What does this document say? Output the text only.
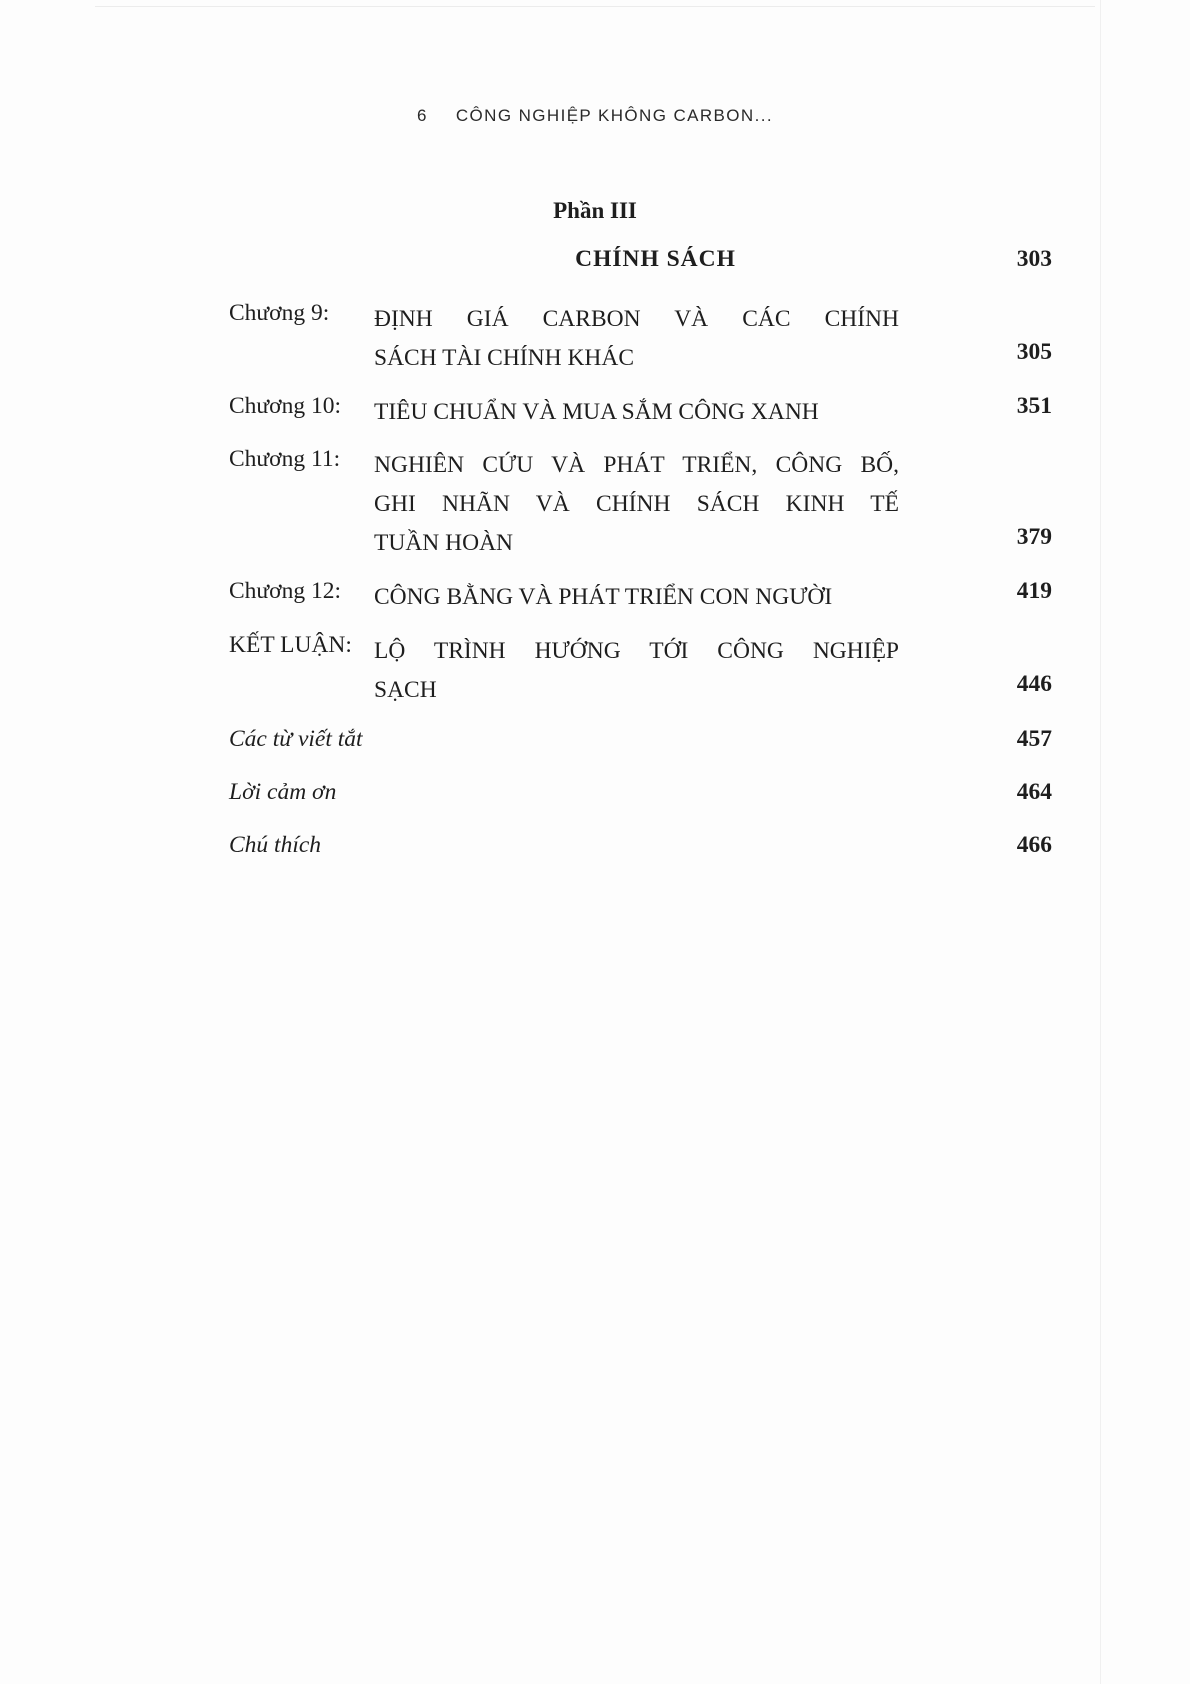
6 CÔNG NGHIỆP KHÔNG CARBON...
Phần III
CHÍNH SÁCH	303
Chương 9: ĐỊNH GIÁ CARBON VÀ CÁC CHÍNH
SÁCH TÀI CHÍNH KHÁC	305
Chương 10: TIÊU CHUẨN VÀ MUA SẮM CÔNG XANH	351
Chương 11: NGHIÊN CỨU VÀ PHÁT TRIỂN, CÔNG BỐ,
GHI NHÃN VÀ CHÍNH SÁCH KINH TẾ
TUẦN HOÀN	379
Chương 12: CÔNG BẰNG VÀ PHÁT TRIỂN CON NGƯỜI	419
KẾT LUẬN: LỘ TRÌNH HƯỚNG TỚI CÔNG NGHIỆP
SẠCH	446
Các từ viết tắt	457
Lời cảm ơn	464
Chú thích	466
